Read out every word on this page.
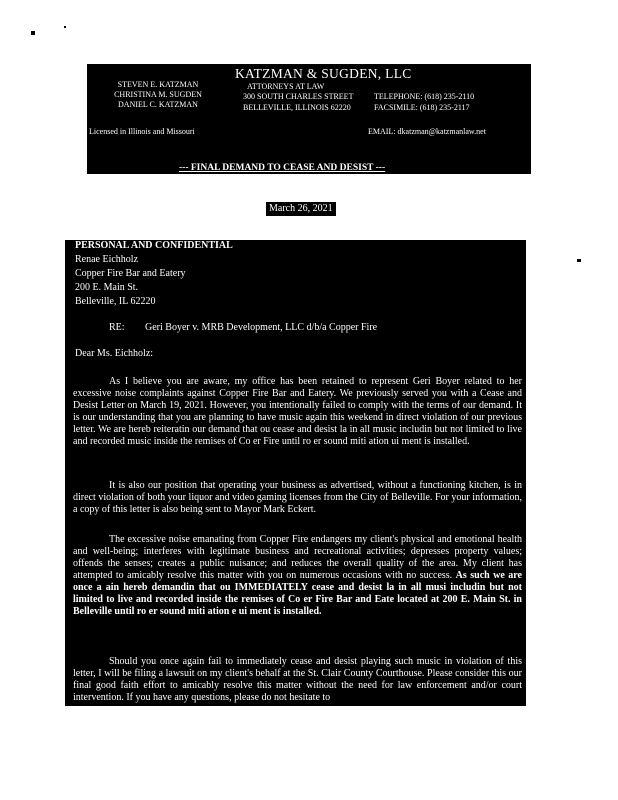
KATZMAN & SUGDEN, LLC
ATTORNEYS AT LAW
STEVEN E. KATZMAN
CHRISTINA M. SUGDEN
DANIEL C. KATZMAN
300 SOUTH CHARLES STREET
BELLEVILLE, ILLINOIS 62220
TELEPHONE: (618) 235-2110
FACSIMILE: (618) 235-2117
Licensed in Illinois and Missouri	EMAIL: dkatzman@katzmanlaw.net
--- FINAL DEMAND TO CEASE AND DESIST ---
March 26, 2021
PERSONAL AND CONFIDENTIAL
Renae Eichholz
Copper Fire Bar and Eatery
200 E. Main St.
Belleville, IL 62220
RE: Geri Boyer v. MRB Development, LLC d/b/a Copper Fire
Dear Ms. Eichholz:

As I believe you are aware, my office has been retained to represent Geri Boyer related to her excessive noise complaints against Copper Fire Bar and Eatery. We previously served you with a Cease and Desist Letter on March 19, 2021. However, you intentionally failed to comply with the terms of our demand. It is our understanding that you are planning to have music again this weekend in direct violation of our previous letter. We are hereb reiteratin our demand that ou cease and desist la in all music includin but not limited to live and recorded music inside the remises of Co er Fire until ro er sound miti ation ui ment is installed.

It is also our position that operating your business as advertised, without a functioning kitchen, is in direct violation of both your liquor and video gaming licenses from the City of Belleville. For your information, a copy of this letter is also being sent to Mayor Mark Eckert.

The excessive noise emanating from Copper Fire endangers my client's physical and emotional health and well-being; interferes with legitimate business and recreational activities; depresses property values; offends the senses; creates a public nuisance; and reduces the overall quality of the area. My client has attempted to amicably resolve this matter with you on numerous occasions with no success. As such we are once a ain hereb demandin that ou IMMEDIATELY cease and desist la in all musi includin but not limited to live and recorded inside the remises of Co er Fire Bar and Eate located at 200 E. Main St. in Belleville until ro er sound miti ation e ui ment is installed.

Should you once again fail to immediately cease and desist playing such music in violation of this letter, I will be filing a lawsuit on my client's behalf at the St. Clair County Courthouse. Please consider this our final good faith effort to amicably resolve this matter without the need for law enforcement and/or court intervention. If you have any questions, please do not hesitate to
